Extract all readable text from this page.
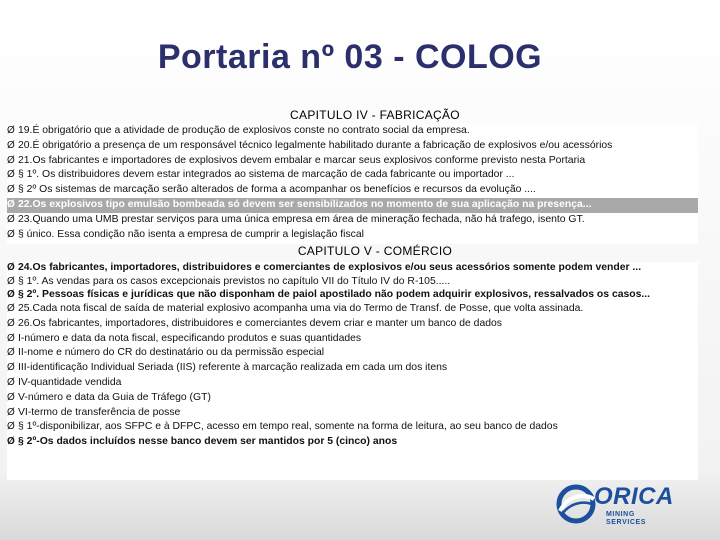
Portaria nº 03 - COLOG
CAPITULO IV - FABRICAÇÃO
Ø 19.É obrigatório que a atividade de produção de explosivos conste no contrato social da empresa.
Ø 20.É obrigatório a presença de um responsável técnico legalmente habilitado durante a fabricação de explosivos e/ou acessórios
Ø 21.Os fabricantes e importadores de explosivos devem embalar e marcar seus explosivos conforme previsto nesta Portaria
Ø § 1º. Os distribuidores devem estar integrados ao sistema de marcação de cada fabricante ou importador ...
Ø § 2º Os sistemas de marcação serão alterados de forma a acompanhar os benefícios e recursos da evolução ....
Ø 22.Os explosivos tipo emulsão bombeada só devem ser sensibilizados no momento de sua aplicação na presença...
Ø 23.Quando uma UMB prestar serviços para uma única empresa em área de mineração fechada, não há trafego, isento GT.
Ø § único. Essa condição não isenta a empresa de cumprir a legislação fiscal
CAPITULO V - COMÉRCIO
Ø 24.Os fabricantes, importadores, distribuidores e comerciantes de explosivos e/ou seus acessórios somente podem vender ...
Ø § 1º. As vendas para os casos excepcionais previstos no capítulo VII do Título IV do R-105.....
Ø § 2º. Pessoas físicas e jurídicas que não disponham de paiol apostilado não podem adquirir explosivos, ressalvados os casos...
Ø 25.Cada nota fiscal de saída de material explosivo acompanha uma via do Termo de Transf. de Posse, que volta assinada.
Ø 26.Os fabricantes, importadores, distribuidores e comerciantes devem criar e manter um banco de dados
Ø I-número e data da nota fiscal, especificando produtos e suas quantidades
Ø II-nome e número do CR do destinatário ou da permissão especial
Ø III-identificação Individual Seriada (IIS) referente à marcação realizada em cada um dos itens
Ø IV-quantidade vendida
Ø V-número e data da Guia de Tráfego (GT)
Ø VI-termo de transferência de posse
Ø § 1º-disponibilizar, aos SFPC e à DFPC, acesso em tempo real, somente na forma de leitura, ao seu banco de dados
Ø § 2º-Os dados incluídos nesse banco devem ser mantidos por 5 (cinco) anos
ORICA
MINING
SERVICES
